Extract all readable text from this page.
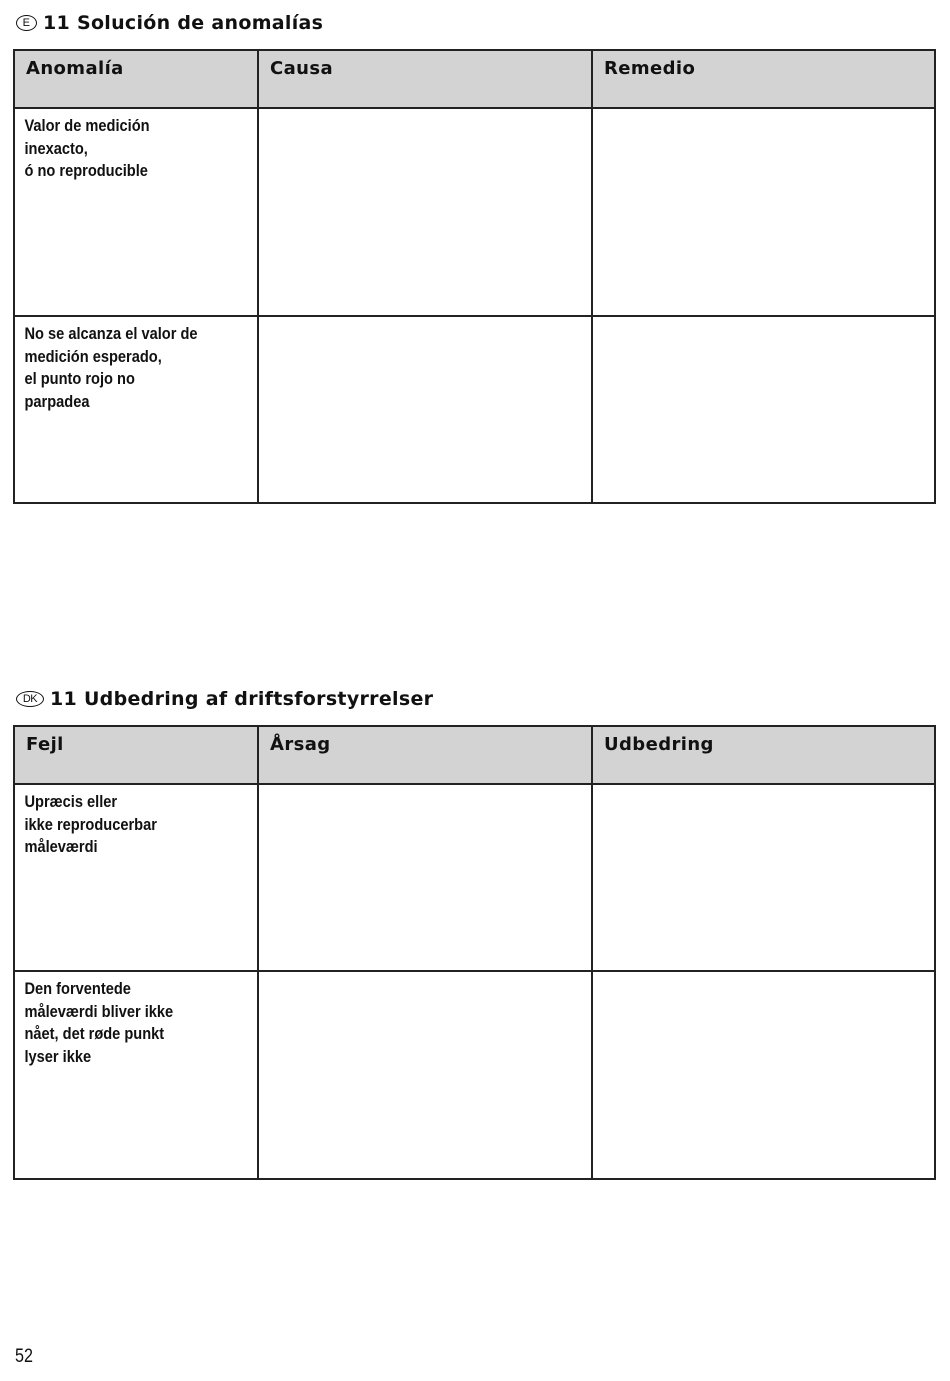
E 11 Solución de anomalías
Anomalía	Causa	Remedio

Valor de medición
inexacto,
ó no reproducible		

No se alcanza el valor de
medición esperado,
el punto rojo no
parpadea		

DK 11 Udbedring af driftsforstyrrelser
Fejl	Årsag	Udbedring

Upræcis eller
ikke reproducerbar
måleværdi		

Den forventede
måleværdi bliver ikke
nået, det røde punkt
lyser ikke		

52
